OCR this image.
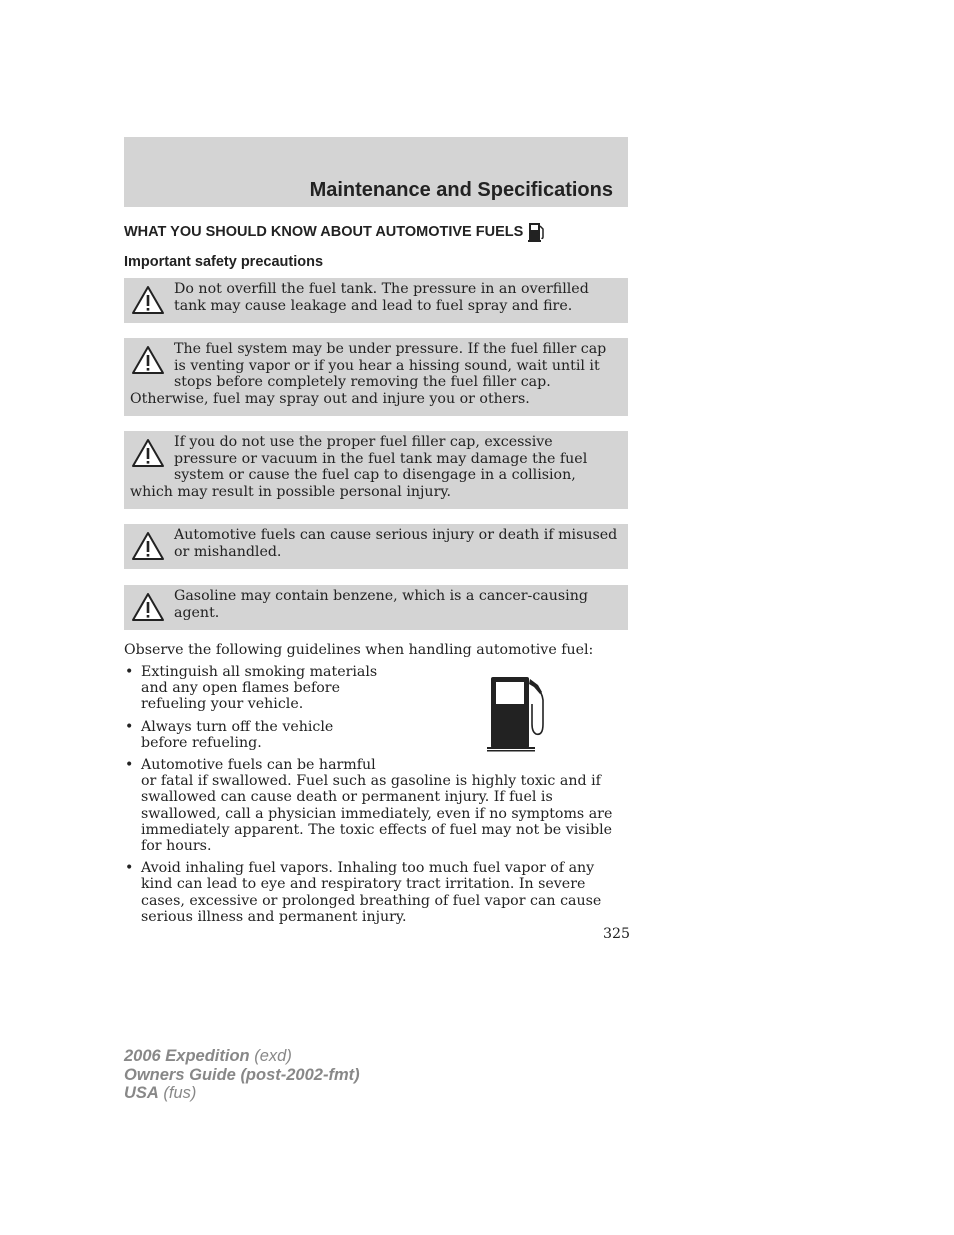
Maintenance and Specifications
WHAT YOU SHOULD KNOW ABOUT AUTOMOTIVE FUELS
Important safety precautions
Do not overfill the fuel tank. The pressure in an overfilled tank may cause leakage and lead to fuel spray and fire.
The fuel system may be under pressure. If the fuel filler cap is venting vapor or if you hear a hissing sound, wait until it stops before completely removing the fuel filler cap. Otherwise, fuel may spray out and injure you or others.
If you do not use the proper fuel filler cap, excessive pressure or vacuum in the fuel tank may damage the fuel system or cause the fuel cap to disengage in a collision, which may result in possible personal injury.
Automotive fuels can cause serious injury or death if misused or mishandled.
Gasoline may contain benzene, which is a cancer-causing agent.
Observe the following guidelines when handling automotive fuel:
• Extinguish all smoking materials and any open flames before refueling your vehicle.
• Always turn off the vehicle before refueling.
• Automotive fuels can be harmful
or fatal if swallowed. Fuel such as gasoline is highly toxic and if swallowed can cause death or permanent injury. If fuel is swallowed, call a physician immediately, even if no symptoms are immediately apparent. The toxic effects of fuel may not be visible for hours.
• Avoid inhaling fuel vapors. Inhaling too much fuel vapor of any kind can lead to eye and respiratory tract irritation. In severe cases, excessive or prolonged breathing of fuel vapor can cause serious illness and permanent injury.
325
2006 Expedition (exd)
Owners Guide (post-2002-fmt)
USA (fus)
